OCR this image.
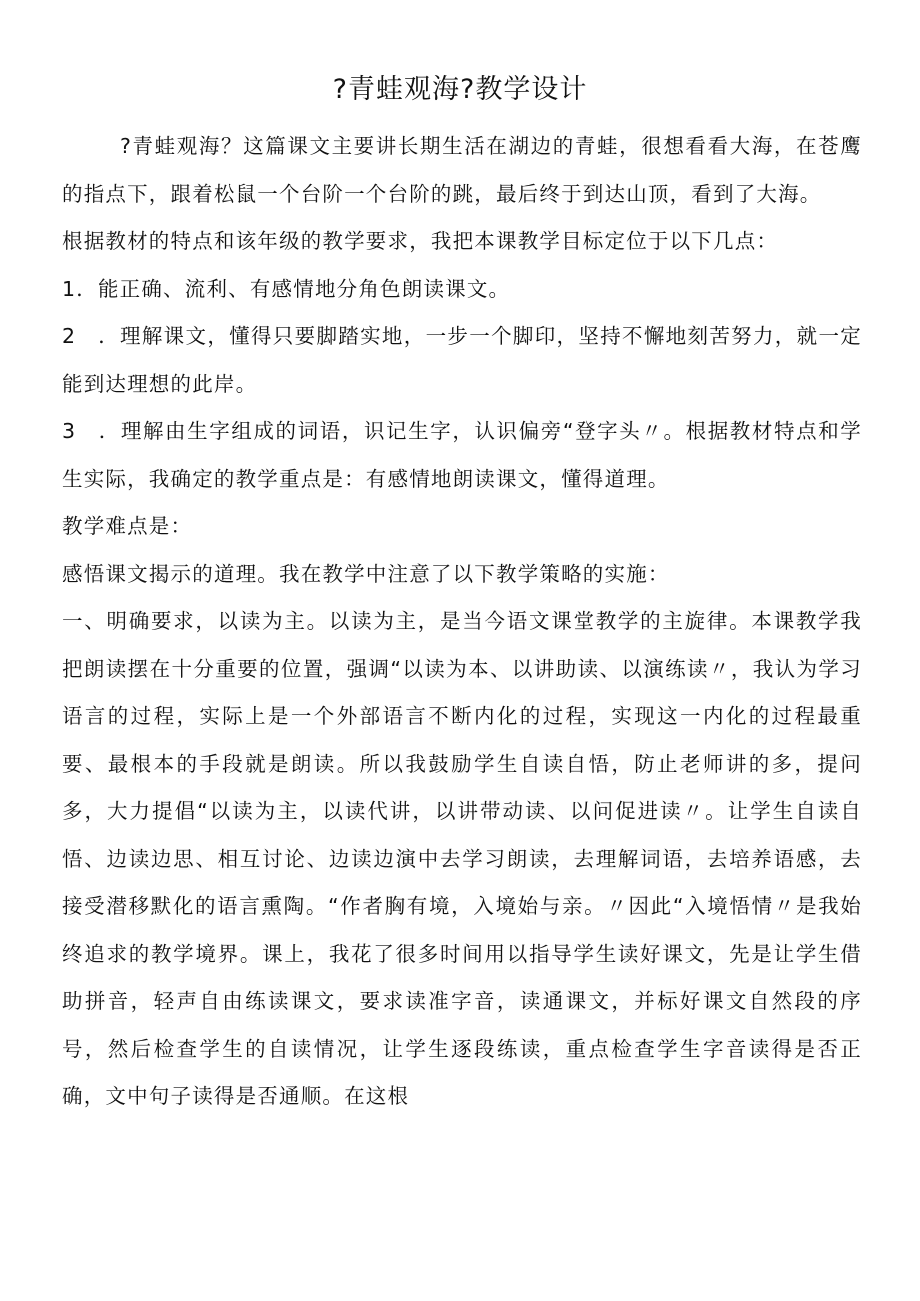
?青蛙观海?教学设计

?青蛙观海？这篇课文主要讲长期生活在湖边的青蛙，很想看看大海，在苍鹰的指点下，跟着松鼠一个台阶一个台阶的跳，最后终于到达山顶，看到了大海。

根据教材的特点和该年级的教学要求，我把本课教学目标定位于以下几点：

1．能正确、流利、有感情地分角色朗读课文。

2　．理解课文，懂得只要脚踏实地，一步一个脚印，坚持不懈地刻苦努力，就一定能到达理想的此岸。

3　．理解由生字组成的词语，识记生字，认识偏旁“登字头〃。根据教材特点和学生实际，我确定的教学重点是：有感情地朗读课文，懂得道理。

教学难点是：

感悟课文揭示的道理。我在教学中注意了以下教学策略的实施：

一、明确要求，以读为主。以读为主，是当今语文课堂教学的主旋律。本课教学我把朗读摆在十分重要的位置，强调“以读为本、以讲助读、以演练读〃，我认为学习语言的过程，实际上是一个外部语言不断内化的过程，实现这一内化的过程最重要、最根本的手段就是朗读。所以我鼓励学生自读自悟，防止老师讲的多，提问多，大力提倡“以读为主，以读代讲，以讲带动读、以问促进读〃。让学生自读自悟、边读边思、相互讨论、边读边演中去学习朗读，去理解词语，去培养语感，去接受潜移默化的语言熏陶。“作者胸有境，入境始与亲。〃因此“入境悟情〃是我始终追求的教学境界。课上，我花了很多时间用以指导学生读好课文，先是让学生借助拼音，轻声自由练读课文，要求读准字音，读通课文，并标好课文自然段的序号，然后检查学生的自读情况，让学生逐段练读，重点检查学生字音读得是否正确，文中句子读得是否通顺。在这根
